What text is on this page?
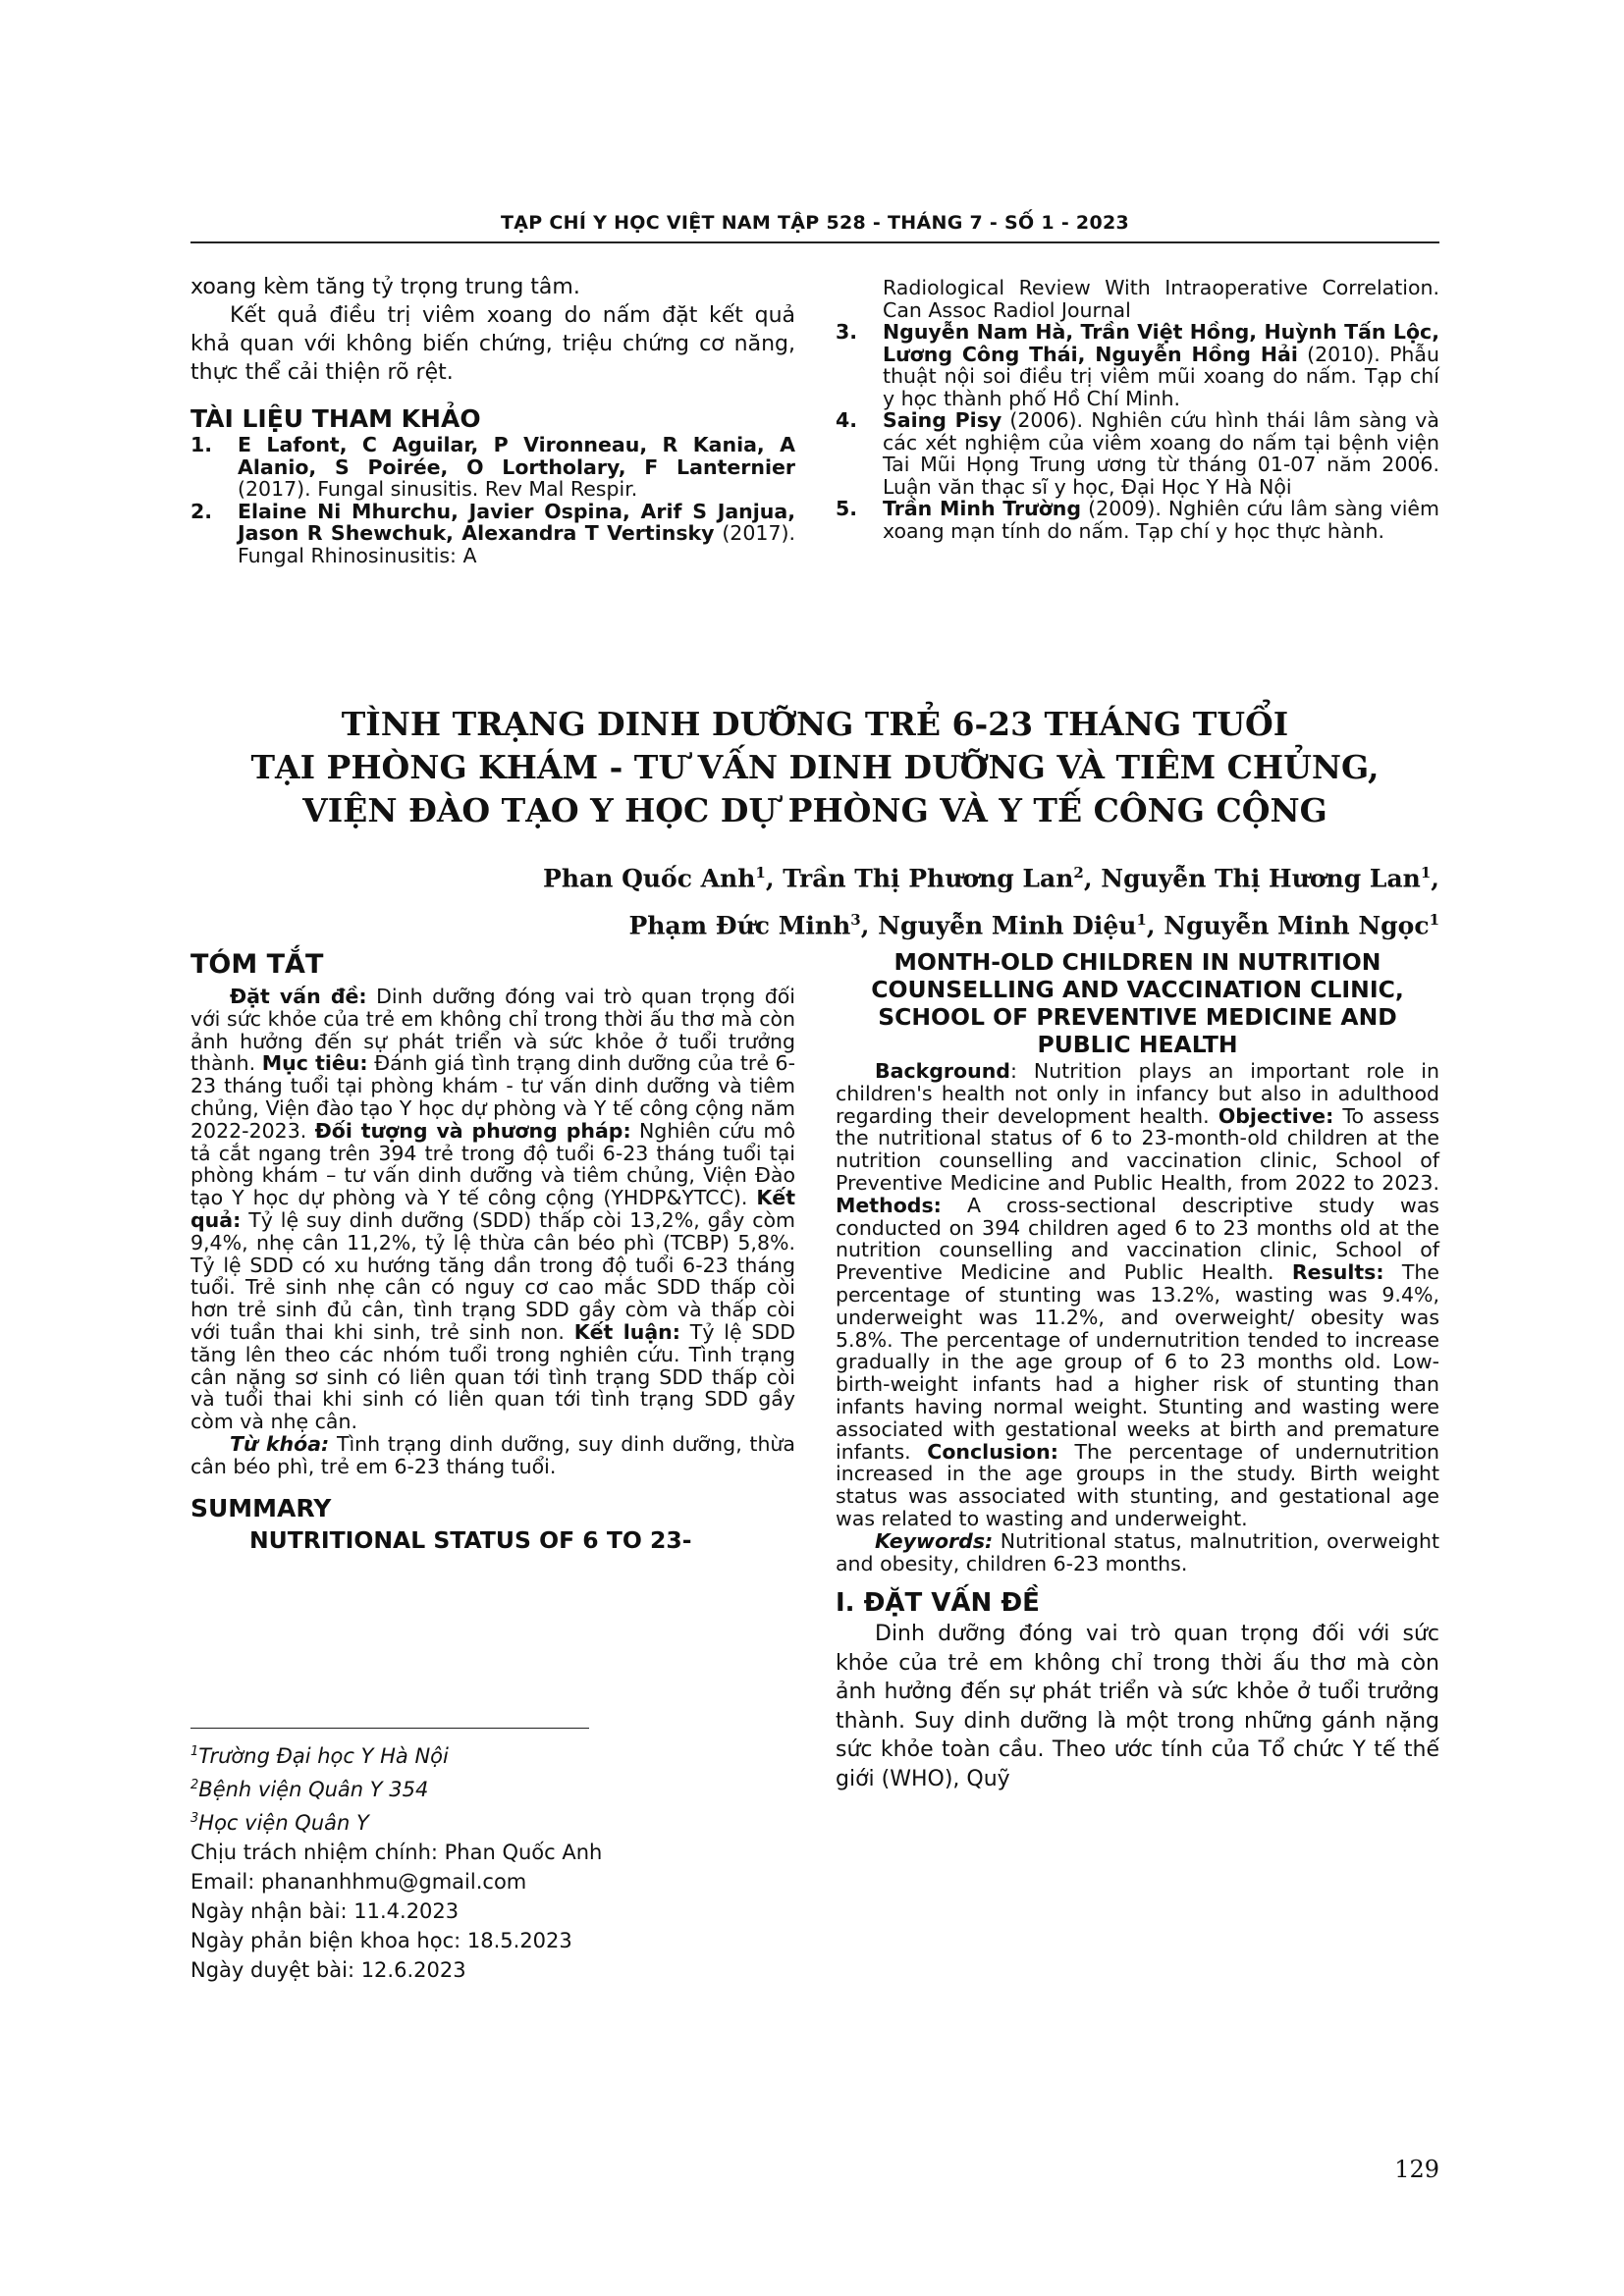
TẠP CHÍ Y HỌC VIỆT NAM TẬP 528 - THÁNG 7 - SỐ 1 - 2023

xoang kèm tăng tỷ trọng trung tâm.

Kết quả điều trị viêm xoang do nấm đặt kết quả khả quan với không biến chứng, triệu chứng cơ năng, thực thể cải thiện rõ rệt.

TÀI LIỆU THAM KHẢO
1. E Lafont, C Aguilar, P Vironneau, R Kania, A Alanio, S Poirée, O Lortholary, F Lanternier (2017). Fungal sinusitis. Rev Mal Respir.
2. Elaine Ni Mhurchu, Javier Ospina, Arif S Janjua, Jason R Shewchuk, Alexandra T Vertinsky (2017). Fungal Rhinosinusitis: A
Radiological Review With Intraoperative Correlation. Can Assoc Radiol Journal
3. Nguyễn Nam Hà, Trần Việt Hồng, Huỳnh Tấn Lộc, Lương Công Thái, Nguyễn Hồng Hải (2010). Phẫu thuật nội soi điều trị viêm mũi xoang do nấm. Tạp chí y học thành phố Hồ Chí Minh.
4. Saing Pisy (2006). Nghiên cứu hình thái lâm sàng và các xét nghiệm của viêm xoang do nấm tại bệnh viện Tai Mũi Họng Trung ương từ tháng 01-07 năm 2006. Luận văn thạc sĩ y học, Đại Học Y Hà Nội
5. Trần Minh Trường (2009). Nghiên cứu lâm sàng viêm xoang mạn tính do nấm. Tạp chí y học thực hành.
TÌNH TRẠNG DINH DƯỠNG TRẺ 6-23 THÁNG TUỔI
TẠI PHÒNG KHÁM - TƯ VẤN DINH DƯỠNG VÀ TIÊM CHỦNG,
VIỆN ĐÀO TẠO Y HỌC DỰ PHÒNG VÀ Y TẾ CÔNG CỘNG
Phan Quốc Anh$^1$, Trần Thị Phương Lan$^2$, Nguyễn Thị Hương Lan$^1$,
Phạm Đức Minh$^3$, Nguyễn Minh Diệu$^1$, Nguyễn Minh Ngọc$^1$
TÓM TẮT

Đặt vấn đề: Dinh dưỡng đóng vai trò quan trọng đối với sức khỏe của trẻ em không chỉ trong thời ấu thơ mà còn ảnh hưởng đến sự phát triển và sức khỏe ở tuổi trưởng thành. Mục tiêu: Đánh giá tình trạng dinh dưỡng của trẻ 6-23 tháng tuổi tại phòng khám - tư vấn dinh dưỡng và tiêm chủng, Viện đào tạo Y học dự phòng và Y tế công cộng năm 2022-2023. Đối tượng và phương pháp: Nghiên cứu mô tả cắt ngang trên 394 trẻ trong độ tuổi 6-23 tháng tuổi tại phòng khám – tư vấn dinh dưỡng và tiêm chủng, Viện Đào tạo Y học dự phòng và Y tế công cộng (YHDP&YTCC). Kết quả: Tỷ lệ suy dinh dưỡng (SDD) thấp còi 13,2%, gầy còm 9,4%, nhẹ cân 11,2%, tỷ lệ thừa cân béo phì (TCBP) 5,8%. Tỷ lệ SDD có xu hướng tăng dần trong độ tuổi 6-23 tháng tuổi. Trẻ sinh nhẹ cân có nguy cơ cao mắc SDD thấp còi hơn trẻ sinh đủ cân, tình trạng SDD gầy còm và thấp còi với tuần thai khi sinh, trẻ sinh non. Kết luận: Tỷ lệ SDD tăng lên theo các nhóm tuổi trong nghiên cứu. Tình trạng cân nặng sơ sinh có liên quan tới tình trạng SDD thấp còi và tuổi thai khi sinh có liên quan tới tình trạng SDD gầy còm và nhẹ cân.

Từ khóa: Tình trạng dinh dưỡng, suy dinh dưỡng, thừa cân béo phì, trẻ em 6-23 tháng tuổi.

SUMMARY
NUTRITIONAL STATUS OF 6 TO 23-
$^1$Trường Đại học Y Hà Nội
$^2$Bệnh viện Quân Y 354
$^3$Học viện Quân Y
Chịu trách nhiệm chính: Phan Quốc Anh
Email: phananhhmu@gmail.com
Ngày nhận bài: 11.4.2023
Ngày phản biện khoa học: 18.5.2023
Ngày duyệt bài: 12.6.2023
MONTH-OLD CHILDREN IN NUTRITION COUNSELLING AND VACCINATION CLINIC, SCHOOL OF PREVENTIVE MEDICINE AND PUBLIC HEALTH

Background: Nutrition plays an important role in children's health not only in infancy but also in adulthood regarding their development health. Objective: To assess the nutritional status of 6 to 23-month-old children at the nutrition counselling and vaccination clinic, School of Preventive Medicine and Public Health, from 2022 to 2023. Methods: A cross-sectional descriptive study was conducted on 394 children aged 6 to 23 months old at the nutrition counselling and vaccination clinic, School of Preventive Medicine and Public Health. Results: The percentage of stunting was 13.2%, wasting was 9.4%, underweight was 11.2%, and overweight/ obesity was 5.8%. The percentage of undernutrition tended to increase gradually in the age group of 6 to 23 months old. Low-birth-weight infants had a higher risk of stunting than infants having normal weight. Stunting and wasting were associated with gestational weeks at birth and premature infants. Conclusion: The percentage of undernutrition increased in the age groups in the study. Birth weight status was associated with stunting, and gestational age was related to wasting and underweight.

Keywords: Nutritional status, malnutrition, overweight and obesity, children 6-23 months.

I. ĐẶT VẤN ĐỀ
Dinh dưỡng đóng vai trò quan trọng đối với sức khỏe của trẻ em không chỉ trong thời ấu thơ mà còn ảnh hưởng đến sự phát triển và sức khỏe ở tuổi trưởng thành. Suy dinh dưỡng là một trong những gánh nặng sức khỏe toàn cầu. Theo ước tính của Tổ chức Y tế thế giới (WHO), Quỹ
129
